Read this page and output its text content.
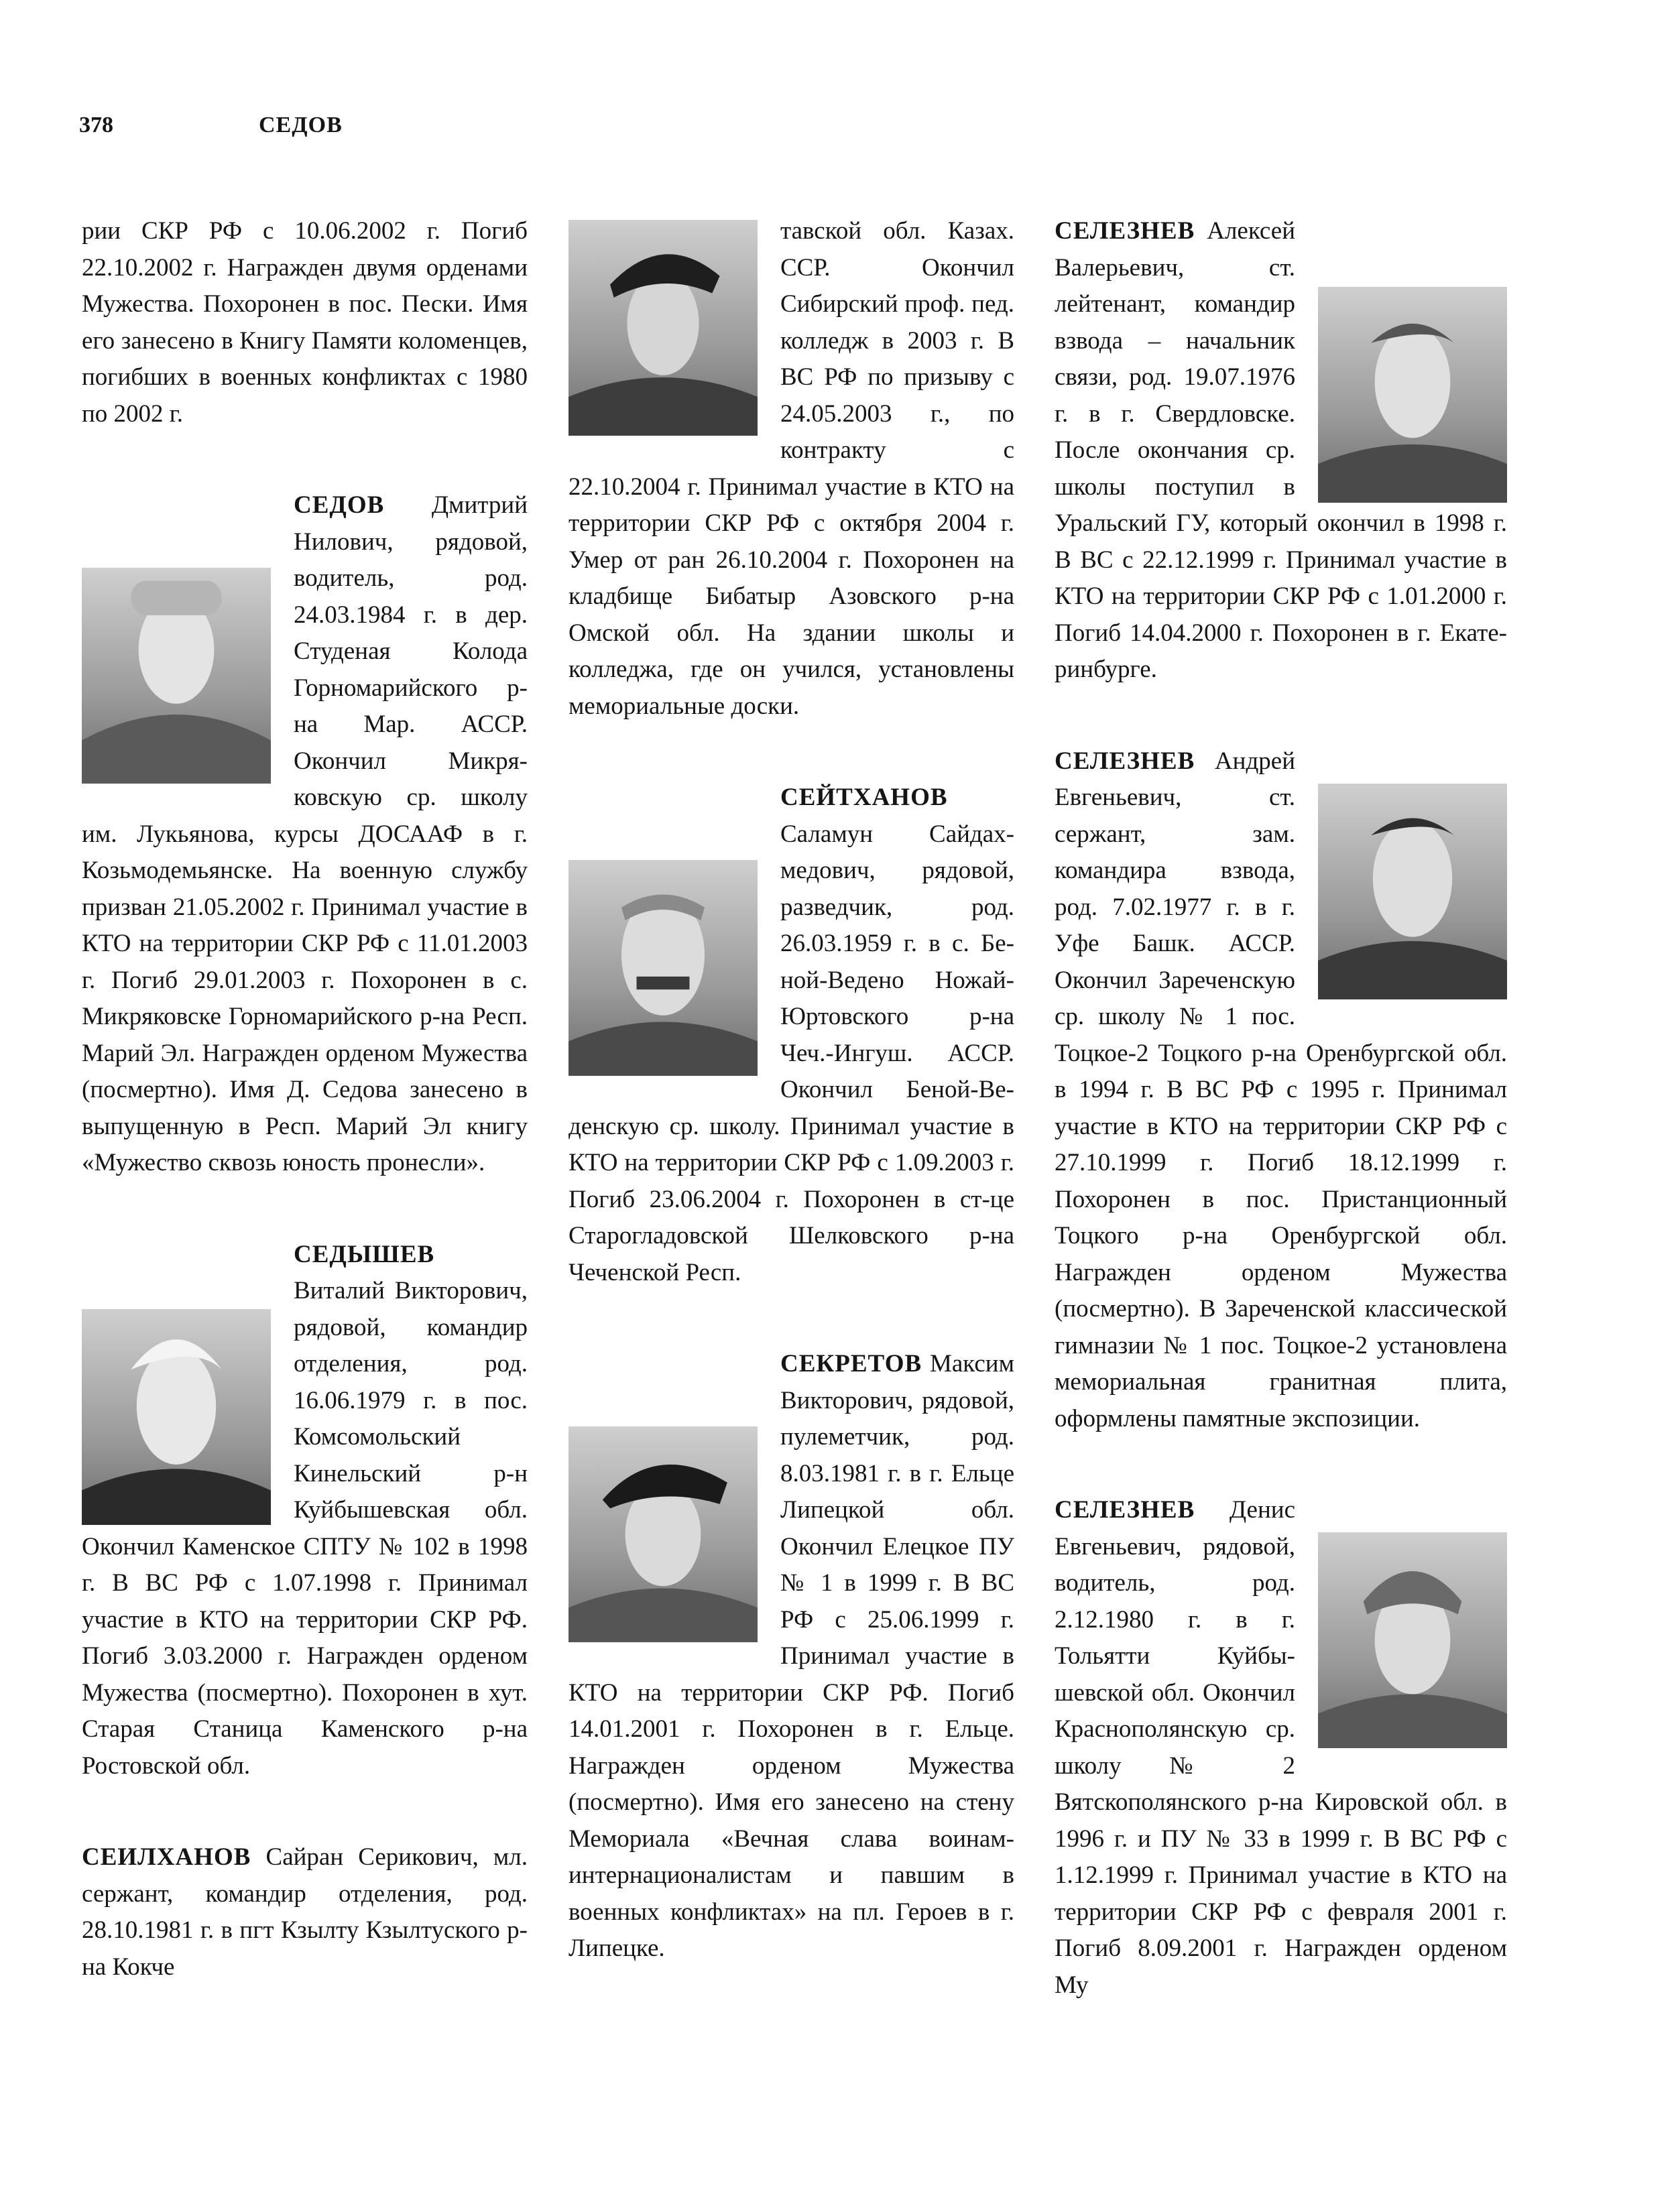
378	СЕДОВ

рии СКР РФ с 10.06.2002 г. Погиб 22.10.2002 г. Награжден двумя орденами Мужества. Похоронен в пос. Пески. Имя его занесено в Книгу Памяти коломенцев, погибших в военных конфликтах с 1980 по 2002 г.

СЕДОВ Дмитрий Нилович, рядовой, водитель, род. 24.03.1984 г. в дер. Студеная Колода Горномарийского р-на Мар. АССР. Окончил Микряковскую ср. школу им. Лукьянова, курсы ДОСААФ в г. Козьмодемьянске. На военную службу призван 21.05.2002 г. Принимал участие в КТО на территории СКР РФ с 11.01.2003 г. Погиб 29.01.2003 г. Похоронен в с. Микряковске Горномарийского р-на Респ. Марий Эл. Награжден орденом Мужества (посмертно). Имя Д. Седова занесено в выпущенную в Респ. Марий Эл книгу «Мужество сквозь юность пронесли».

СЕДЫШЕВ Виталий Викторович, рядовой, командир отделения, род. 16.06.1979 г. в пос. Комсомольский Кинельский р-н Куйбышевская обл. Окончил Каменское СПТУ № 102 в 1998 г. В ВС РФ с 1.07.1998 г. Принимал участие в КТО на территории СКР РФ. Погиб 3.03.2000 г. Награжден орденом Мужества (посмертно). Похоронен в хут. Старая Станица Каменского р-на Ростовской обл.

СЕИЛХАНОВ Сайран Серикович, мл. сержант, командир отделения, род. 28.10.1981 г. в пгт Кзылту Кзылтуского р-на Кокче

тавской обл. Казах. ССР. Окончил Сибирский проф. пед. колледж в 2003 г. В ВС РФ по призыву с 24.05.2003 г., по контракту с 22.10.2004 г. Принимал участие в КТО на территории СКР РФ с октября 2004 г. Умер от ран 26.10.2004 г. Похоронен на кладбище Бибатыр Азовского р-на Омской обл. На здании школы и колледжа, где он учился, установлены мемориальные доски.

СЕЙТХАНОВ Саламун Сайдахмедович, рядовой, разведчик, род. 26.03.1959 г. в с. Беной-Ведено Ножай-Юртовского р-на Чеч.-Ингуш. АССР. Окончил Беной-Веденскую ср. школу. Принимал участие в КТО на территории СКР РФ с 1.09.2003 г. Погиб 23.06.2004 г. Похоронен в ст-це Старогладовской Шелковского р-на Чеченской Респ.

СЕКРЕТОВ Максим Викторович, рядовой, пулеметчик, род. 8.03.1981 г. в г. Ельце Липецкой обл. Окончил Елецкое ПУ № 1 в 1999 г. В ВС РФ с 25.06.1999 г. Принимал участие в КТО на территории СКР РФ. Погиб 14.01.2001 г. Похоронен в г. Ельце. Награжден орденом Мужества (посмертно). Имя его занесено на стену Мемориала «Вечная слава воинам-интернационалистам и павшим в военных конфликтах» на пл. Героев в г. Липецке.

СЕЛЕЗНЕВ Алексей Валерьевич, ст. лейтенант, командир взвода – начальник связи, род. 19.07.1976 г. в г. Свердловске. После окончания ср. школы поступил в Уральский ГУ, который окончил в 1998 г. В ВС с 22.12.1999 г. Принимал участие в КТО на территории СКР РФ с 1.01.2000 г. Погиб 14.04.2000 г. Похоронен в г. Екатеринбурге.

СЕЛЕЗНЕВ Андрей Евгеньевич, ст. сержант, зам. командира взвода, род. 7.02.1977 г. в г. Уфе Башк. АССР. Окончил Зареченскую ср. школу № 1 пос. Тоцкое-2 Тоцкого р-на Оренбургской обл. в 1994 г. В ВС РФ с 1995 г. Принимал участие в КТО на территории СКР РФ с 27.10.1999 г. Погиб 18.12.1999 г. Похоронен в пос. Пристанционный Тоцкого р-на Оренбургской обл. Награжден орденом Мужества (посмертно). В Зареченской классической гимназии № 1 пос. Тоцкое-2 установлена мемориальная гранитная плита, оформлены памятные экспозиции.

СЕЛЕЗНЕВ Денис Евгеньевич, рядовой, водитель, род. 2.12.1980 г. в г. Тольятти Куйбышевской обл. Окончил Краснополянскую ср. школу № 2 Вятскополянского р-на Кировской обл. в 1996 г. и ПУ № 33 в 1999 г. В ВС РФ с 1.12.1999 г. Принимал участие в КТО на территории СКР РФ с февраля 2001 г. Погиб 8.09.2001 г. Награжден орденом Му
